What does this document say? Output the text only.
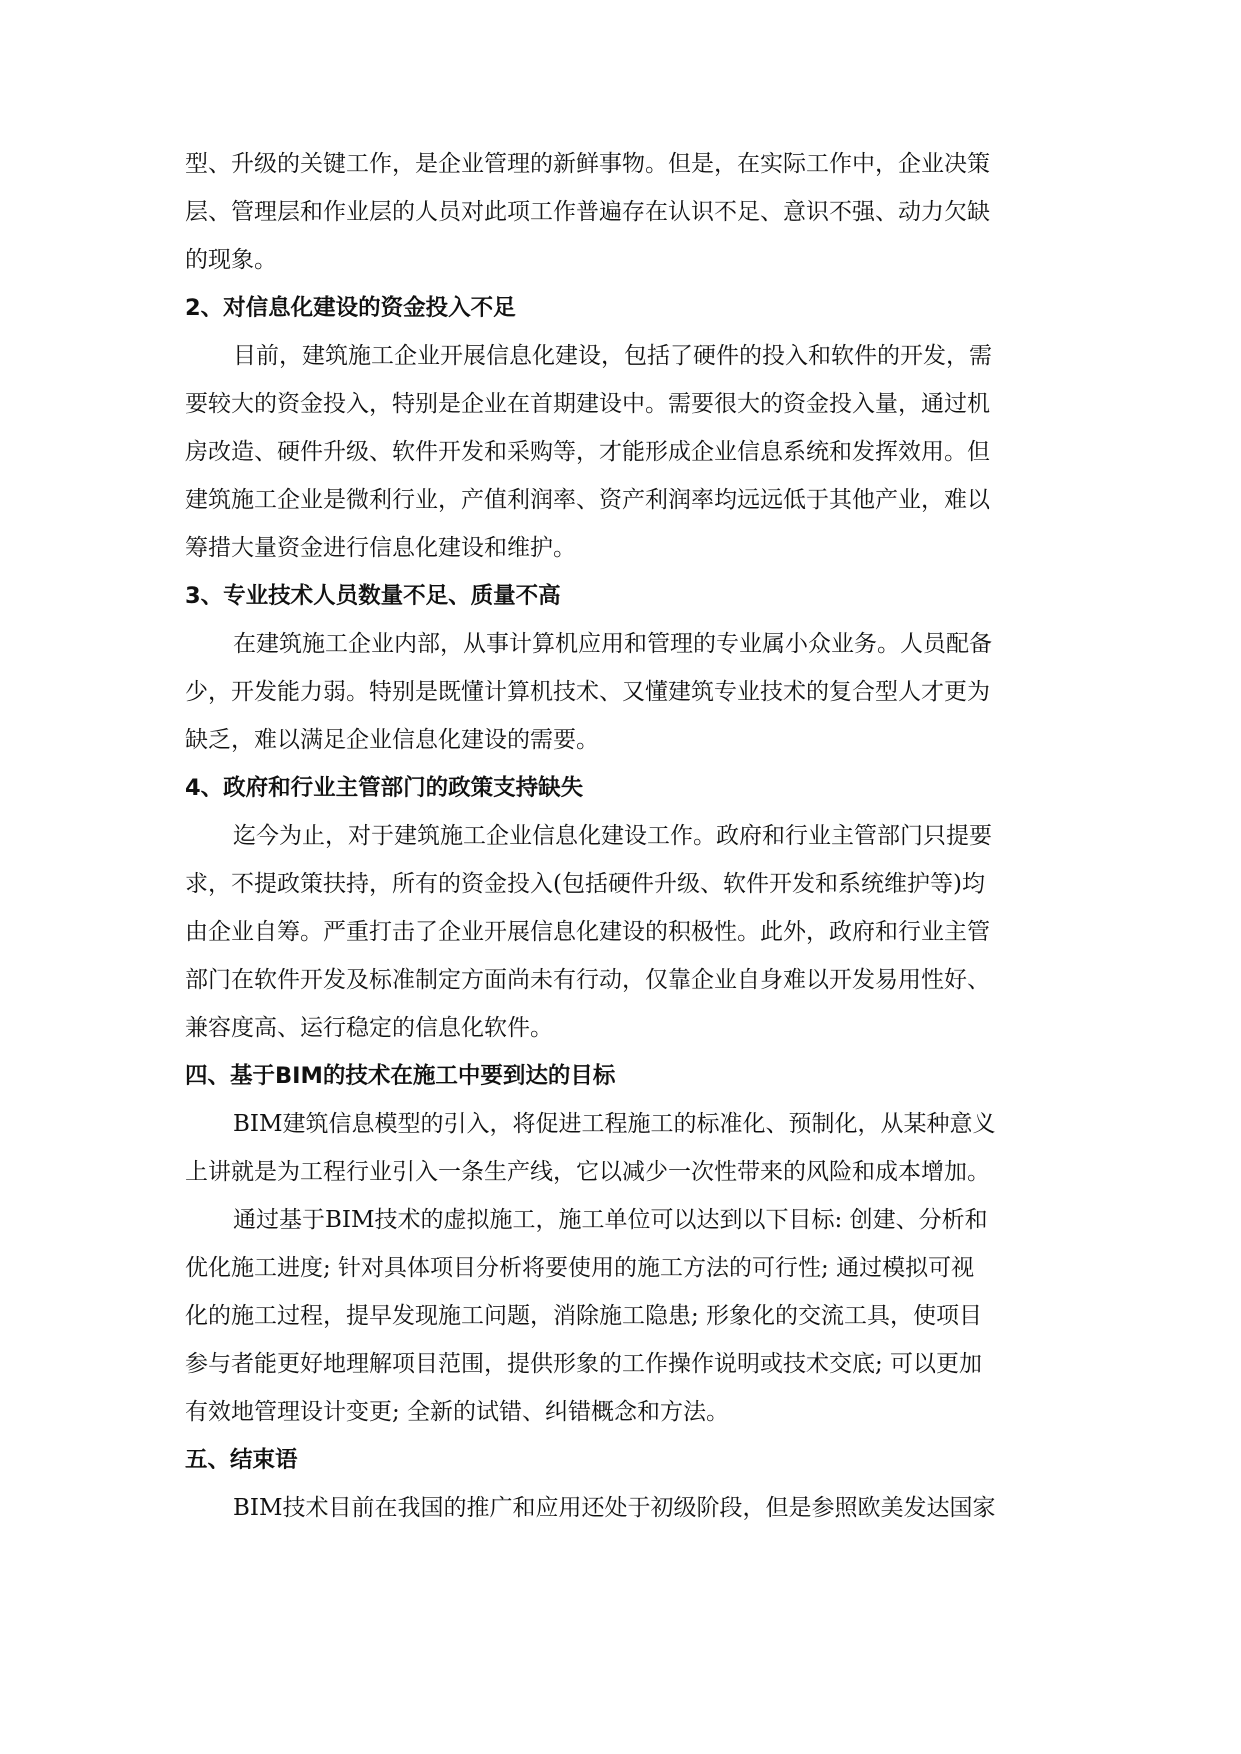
型、升级的关键工作，是企业管理的新鲜事物。但是，在实际工作中，企业决策
层、管理层和作业层的人员对此项工作普遍存在认识不足、意识不强、动力欠缺
的现象。
2、对信息化建设的资金投入不足
目前，建筑施工企业开展信息化建设，包括了硬件的投入和软件的开发，需
要较大的资金投入，特别是企业在首期建设中。需要很大的资金投入量，通过机
房改造、硬件升级、软件开发和采购等，才能形成企业信息系统和发挥效用。但
建筑施工企业是微利行业，产值利润率、资产利润率均远远低于其他产业，难以
筹措大量资金进行信息化建设和维护。
3、专业技术人员数量不足、质量不高
在建筑施工企业内部，从事计算机应用和管理的专业属小众业务。人员配备
少，开发能力弱。特别是既懂计算机技术、又懂建筑专业技术的复合型人才更为
缺乏，难以满足企业信息化建设的需要。
4、政府和行业主管部门的政策支持缺失
迄今为止，对于建筑施工企业信息化建设工作。政府和行业主管部门只提要
求，不提政策扶持，所有的资金投入(包括硬件升级、软件开发和系统维护等)均
由企业自筹。严重打击了企业开展信息化建设的积极性。此外，政府和行业主管
部门在软件开发及标准制定方面尚未有行动，仅靠企业自身难以开发易用性好、
兼容度高、运行稳定的信息化软件。
四、基于BIM的技术在施工中要到达的目标
BIM建筑信息模型的引入，将促进工程施工的标准化、预制化，从某种意义
上讲就是为工程行业引入一条生产线，它以减少一次性带来的风险和成本增加。
通过基于BIM技术的虚拟施工，施工单位可以达到以下目标: 创建、分析和
优化施工进度; 针对具体项目分析将要使用的施工方法的可行性; 通过模拟可视
化的施工过程，提早发现施工问题，消除施工隐患; 形象化的交流工具，使项目
参与者能更好地理解项目范围，提供形象的工作操作说明或技术交底; 可以更加
有效地管理设计变更; 全新的试错、纠错概念和方法。
五、结束语
BIM技术目前在我国的推广和应用还处于初级阶段，但是参照欧美发达国家
